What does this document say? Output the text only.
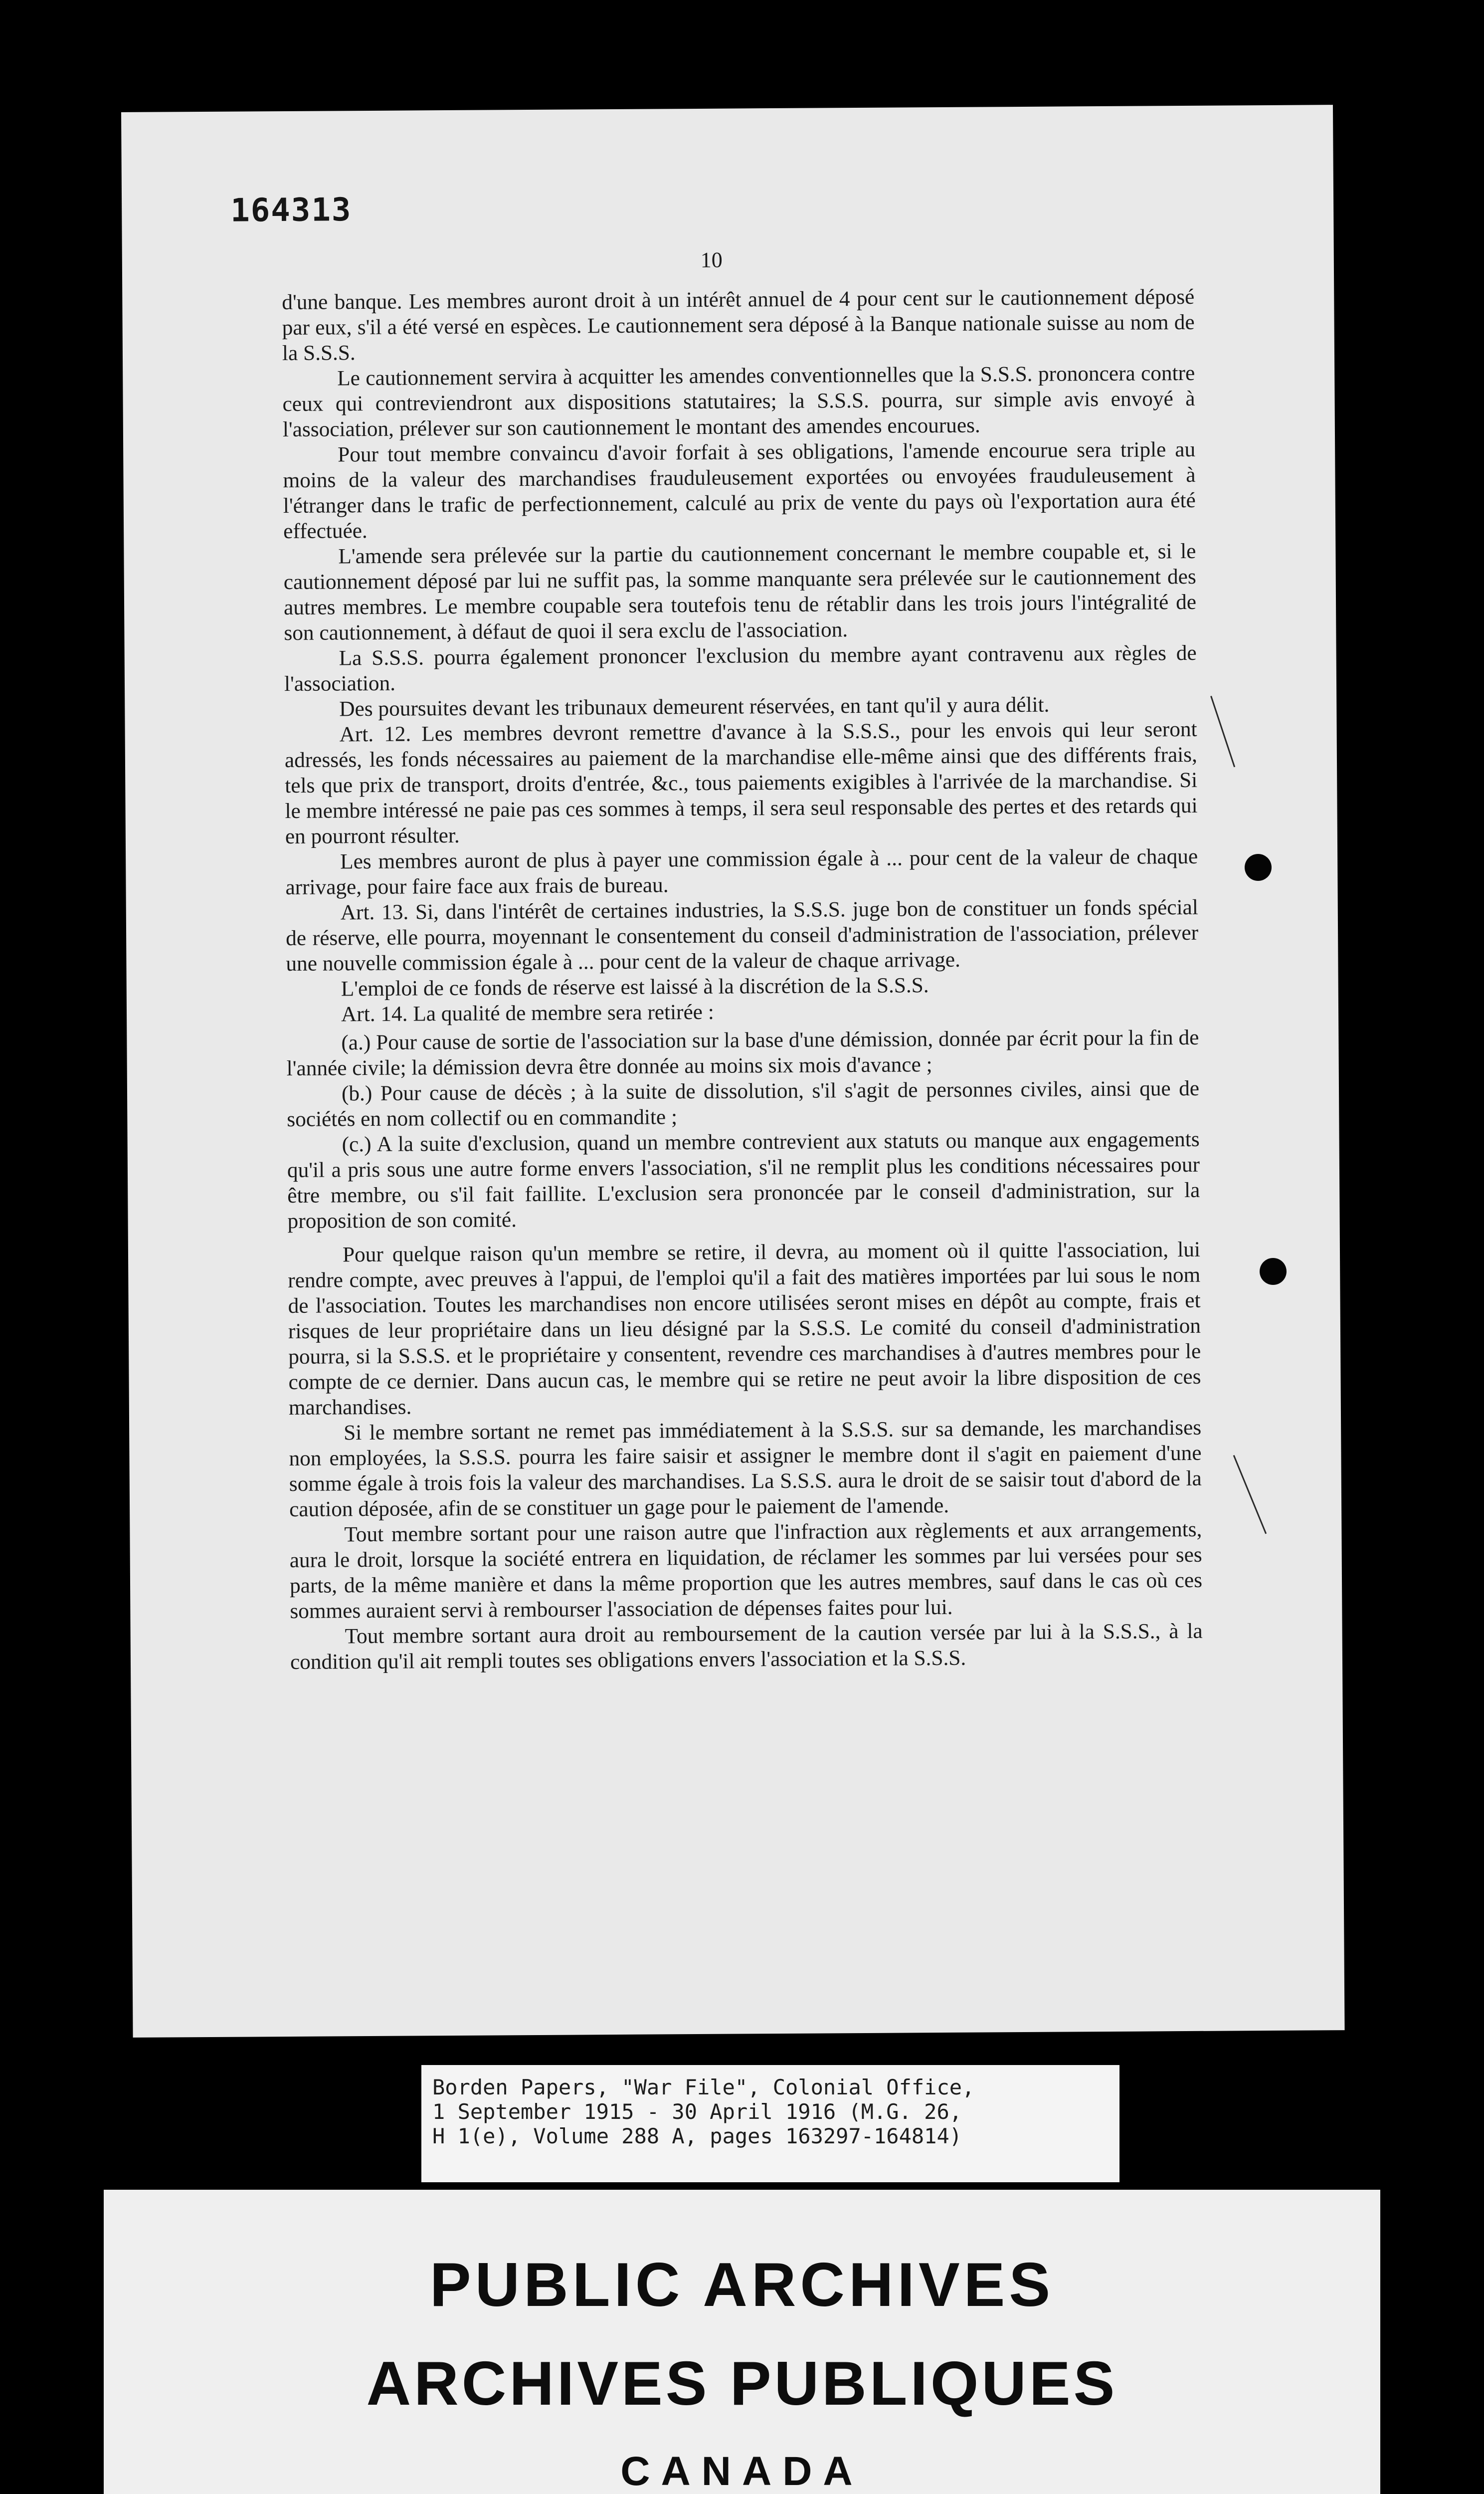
164313
10

d'une banque. Les membres auront droit à un intérêt annuel de 4 pour cent sur le cautionnement déposé par eux, s'il a été versé en espèces. Le cautionnement sera déposé à la Banque nationale suisse au nom de la S.S.S.

Le cautionnement servira à acquitter les amendes conventionnelles que la S.S.S. prononcera contre ceux qui contreviendront aux dispositions statutaires; la S.S.S. pourra, sur simple avis envoyé à l'association, prélever sur son cautionnement le montant des amendes encourues.

Pour tout membre convaincu d'avoir forfait à ses obligations, l'amende encourue sera triple au moins de la valeur des marchandises frauduleusement exportées ou envoyées frauduleusement à l'étranger dans le trafic de perfectionnement, calculé au prix de vente du pays où l'exportation aura été effectuée.

L'amende sera prélevée sur la partie du cautionnement concernant le membre coupable et, si le cautionnement déposé par lui ne suffit pas, la somme manquante sera prélevée sur le cautionnement des autres membres. Le membre coupable sera toutefois tenu de rétablir dans les trois jours l'intégralité de son cautionnement, à défaut de quoi il sera exclu de l'association.

La S.S.S. pourra également prononcer l'exclusion du membre ayant contravenu aux règles de l'association.

Des poursuites devant les tribunaux demeurent réservées, en tant qu'il y aura délit.

Art. 12. Les membres devront remettre d'avance à la S.S.S., pour les envois qui leur seront adressés, les fonds nécessaires au paiement de la marchandise elle-même ainsi que des différents frais, tels que prix de transport, droits d'entrée, &c., tous paiements exigibles à l'arrivée de la marchandise. Si le membre intéressé ne paie pas ces sommes à temps, il sera seul responsable des pertes et des retards qui en pourront résulter.

Les membres auront de plus à payer une commission égale à ... pour cent de la valeur de chaque arrivage, pour faire face aux frais de bureau.

Art. 13. Si, dans l'intérêt de certaines industries, la S.S.S. juge bon de constituer un fonds spécial de réserve, elle pourra, moyennant le consentement du conseil d'administration de l'association, prélever une nouvelle commission égale à ... pour cent de la valeur de chaque arrivage.

L'emploi de ce fonds de réserve est laissé à la discrétion de la S.S.S.

Art. 14. La qualité de membre sera retirée :

(a.) Pour cause de sortie de l'association sur la base d'une démission, donnée par écrit pour la fin de l'année civile; la démission devra être donnée au moins six mois d'avance ;

(b.) Pour cause de décès ; à la suite de dissolution, s'il s'agit de personnes civiles, ainsi que de sociétés en nom collectif ou en commandite ;

(c.) A la suite d'exclusion, quand un membre contrevient aux statuts ou manque aux engagements qu'il a pris sous une autre forme envers l'association, s'il ne remplit plus les conditions nécessaires pour être membre, ou s'il fait faillite. L'exclusion sera prononcée par le conseil d'administration, sur la proposition de son comité.

Pour quelque raison qu'un membre se retire, il devra, au moment où il quitte l'association, lui rendre compte, avec preuves à l'appui, de l'emploi qu'il a fait des matières importées par lui sous le nom de l'association. Toutes les marchandises non encore utilisées seront mises en dépôt au compte, frais et risques de leur propriétaire dans un lieu désigné par la S.S.S. Le comité du conseil d'administration pourra, si la S.S.S. et le propriétaire y consentent, revendre ces marchandises à d'autres membres pour le compte de ce dernier. Dans aucun cas, le membre qui se retire ne peut avoir la libre disposition de ces marchandises.

Si le membre sortant ne remet pas immédiatement à la S.S.S. sur sa demande, les marchandises non employées, la S.S.S. pourra les faire saisir et assigner le membre dont il s'agit en paiement d'une somme égale à trois fois la valeur des marchandises. La S.S.S. aura le droit de se saisir tout d'abord de la caution déposée, afin de se constituer un gage pour le paiement de l'amende.

Tout membre sortant pour une raison autre que l'infraction aux règlements et aux arrangements, aura le droit, lorsque la société entrera en liquidation, de réclamer les sommes par lui versées pour ses parts, de la même manière et dans la même proportion que les autres membres, sauf dans le cas où ces sommes auraient servi à rembourser l'association de dépenses faites pour lui.

Tout membre sortant aura droit au remboursement de la caution versée par lui à la S.S.S., à la condition qu'il ait rempli toutes ses obligations envers l'association et la S.S.S.

Borden Papers, "War File", Colonial Office,
1 September 1915 - 30 April 1916 (M.G. 26,
H 1(e), Volume 288 A, pages 163297-164814)
PUBLIC ARCHIVES
ARCHIVES PUBLIQUES
CANADA
